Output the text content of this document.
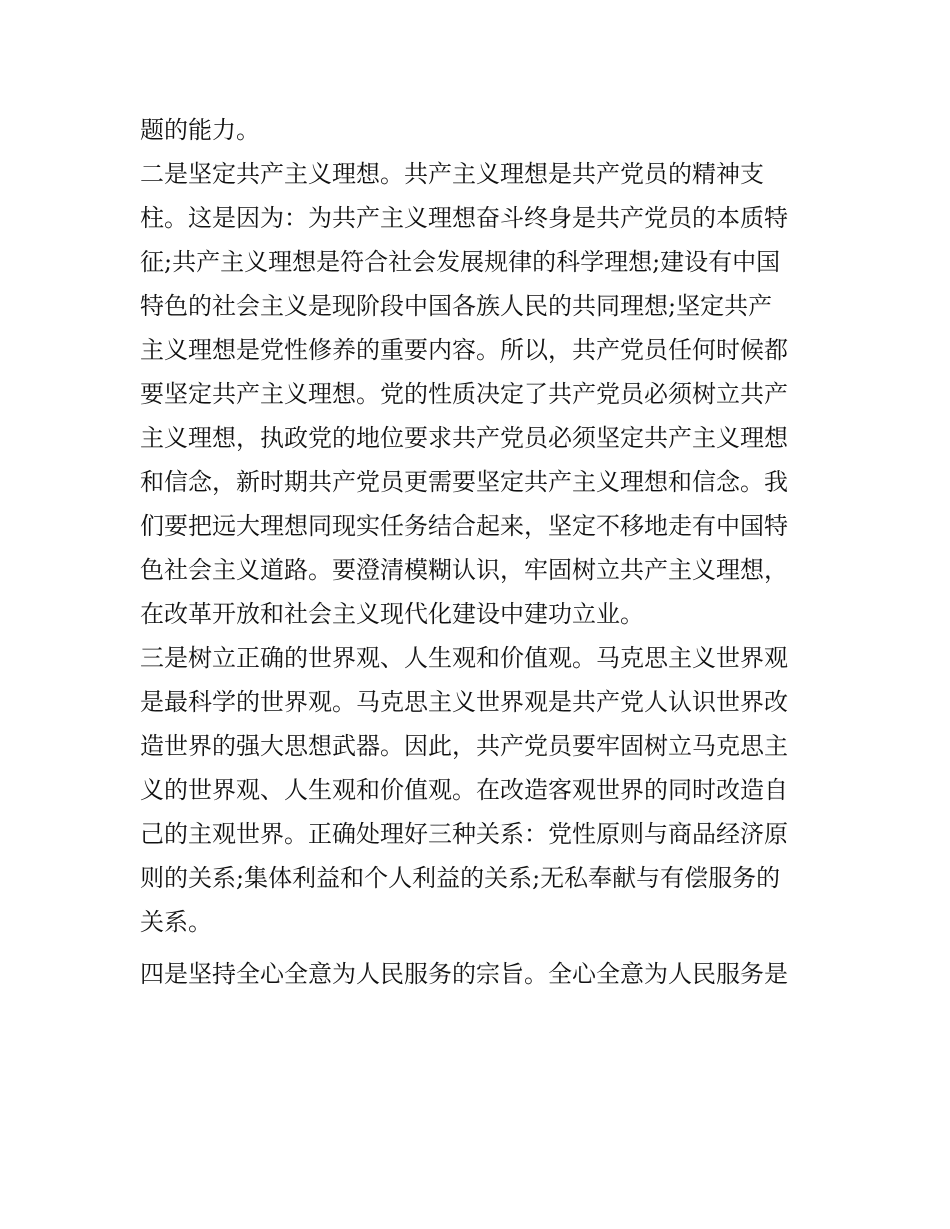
题的能力。
二是坚定共产主义理想。共产主义理想是共产党员的精神支
柱。这是因为：为共产主义理想奋斗终身是共产党员的本质特
征;共产主义理想是符合社会发展规律的科学理想;建设有中国
特色的社会主义是现阶段中国各族人民的共同理想;坚定共产
主义理想是党性修养的重要内容。所以，共产党员任何时候都
要坚定共产主义理想。党的性质决定了共产党员必须树立共产
主义理想，执政党的地位要求共产党员必须坚定共产主义理想
和信念，新时期共产党员更需要坚定共产主义理想和信念。我
们要把远大理想同现实任务结合起来，坚定不移地走有中国特
色社会主义道路。要澄清模糊认识，牢固树立共产主义理想，
在改革开放和社会主义现代化建设中建功立业。
三是树立正确的世界观、人生观和价值观。马克思主义世界观
是最科学的世界观。马克思主义世界观是共产党人认识世界改
造世界的强大思想武器。因此，共产党员要牢固树立马克思主
义的世界观、人生观和价值观。在改造客观世界的同时改造自
己的主观世界。正确处理好三种关系：党性原则与商品经济原
则的关系;集体利益和个人利益的关系;无私奉献与有偿服务的
关系。
四是坚持全心全意为人民服务的宗旨。全心全意为人民服务是
